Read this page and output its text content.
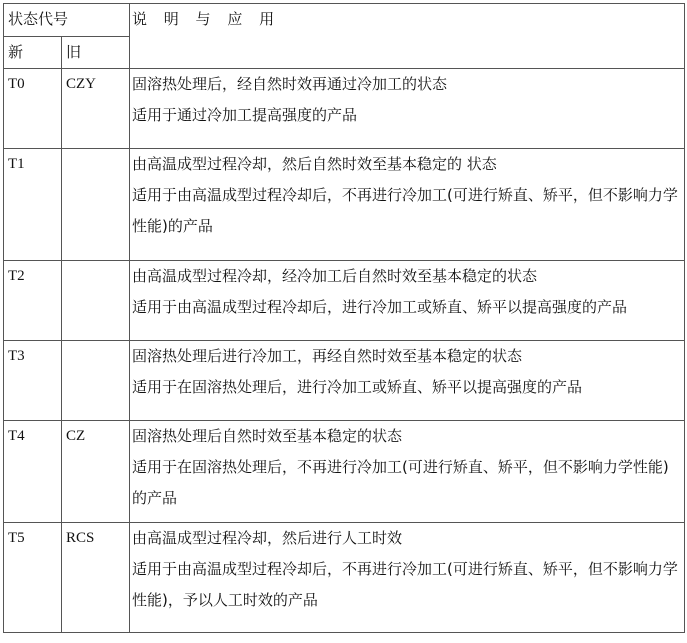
状态代号		说 明 与 应 用

新	旧	
T0	CZY	固溶热处理后，经自然时效再通过冷加工的状态
适用于通过冷加工提高强度的产品

T1		由高温成型过程冷却，然后自然时效至基本稳定的 状态
适用于由高温成型过程冷却后，不再进行冷加工(可进行矫直、矫平，但不影响力学性能)的产品

T2		由高温成型过程冷却，经冷加工后自然时效至基本稳定的状态
适用于由高温成型过程冷却后，进行冷加工或矫直、矫平以提高强度的产品

T3		固溶热处理后进行冷加工，再经自然时效至基本稳定的状态
适用于在固溶热处理后，进行冷加工或矫直、矫平以提高强度的产品

T4	CZ	固溶热处理后自然时效至基本稳定的状态
适用于在固溶热处理后，不再进行冷加工(可进行矫直、矫平，但不影响力学性能)的产品

T5	RCS	由高温成型过程冷却，然后进行人工时效
适用于由高温成型过程冷却后，不再进行冷加工(可进行矫直、矫平，但不影响力学性能)，予以人工时效的产品
